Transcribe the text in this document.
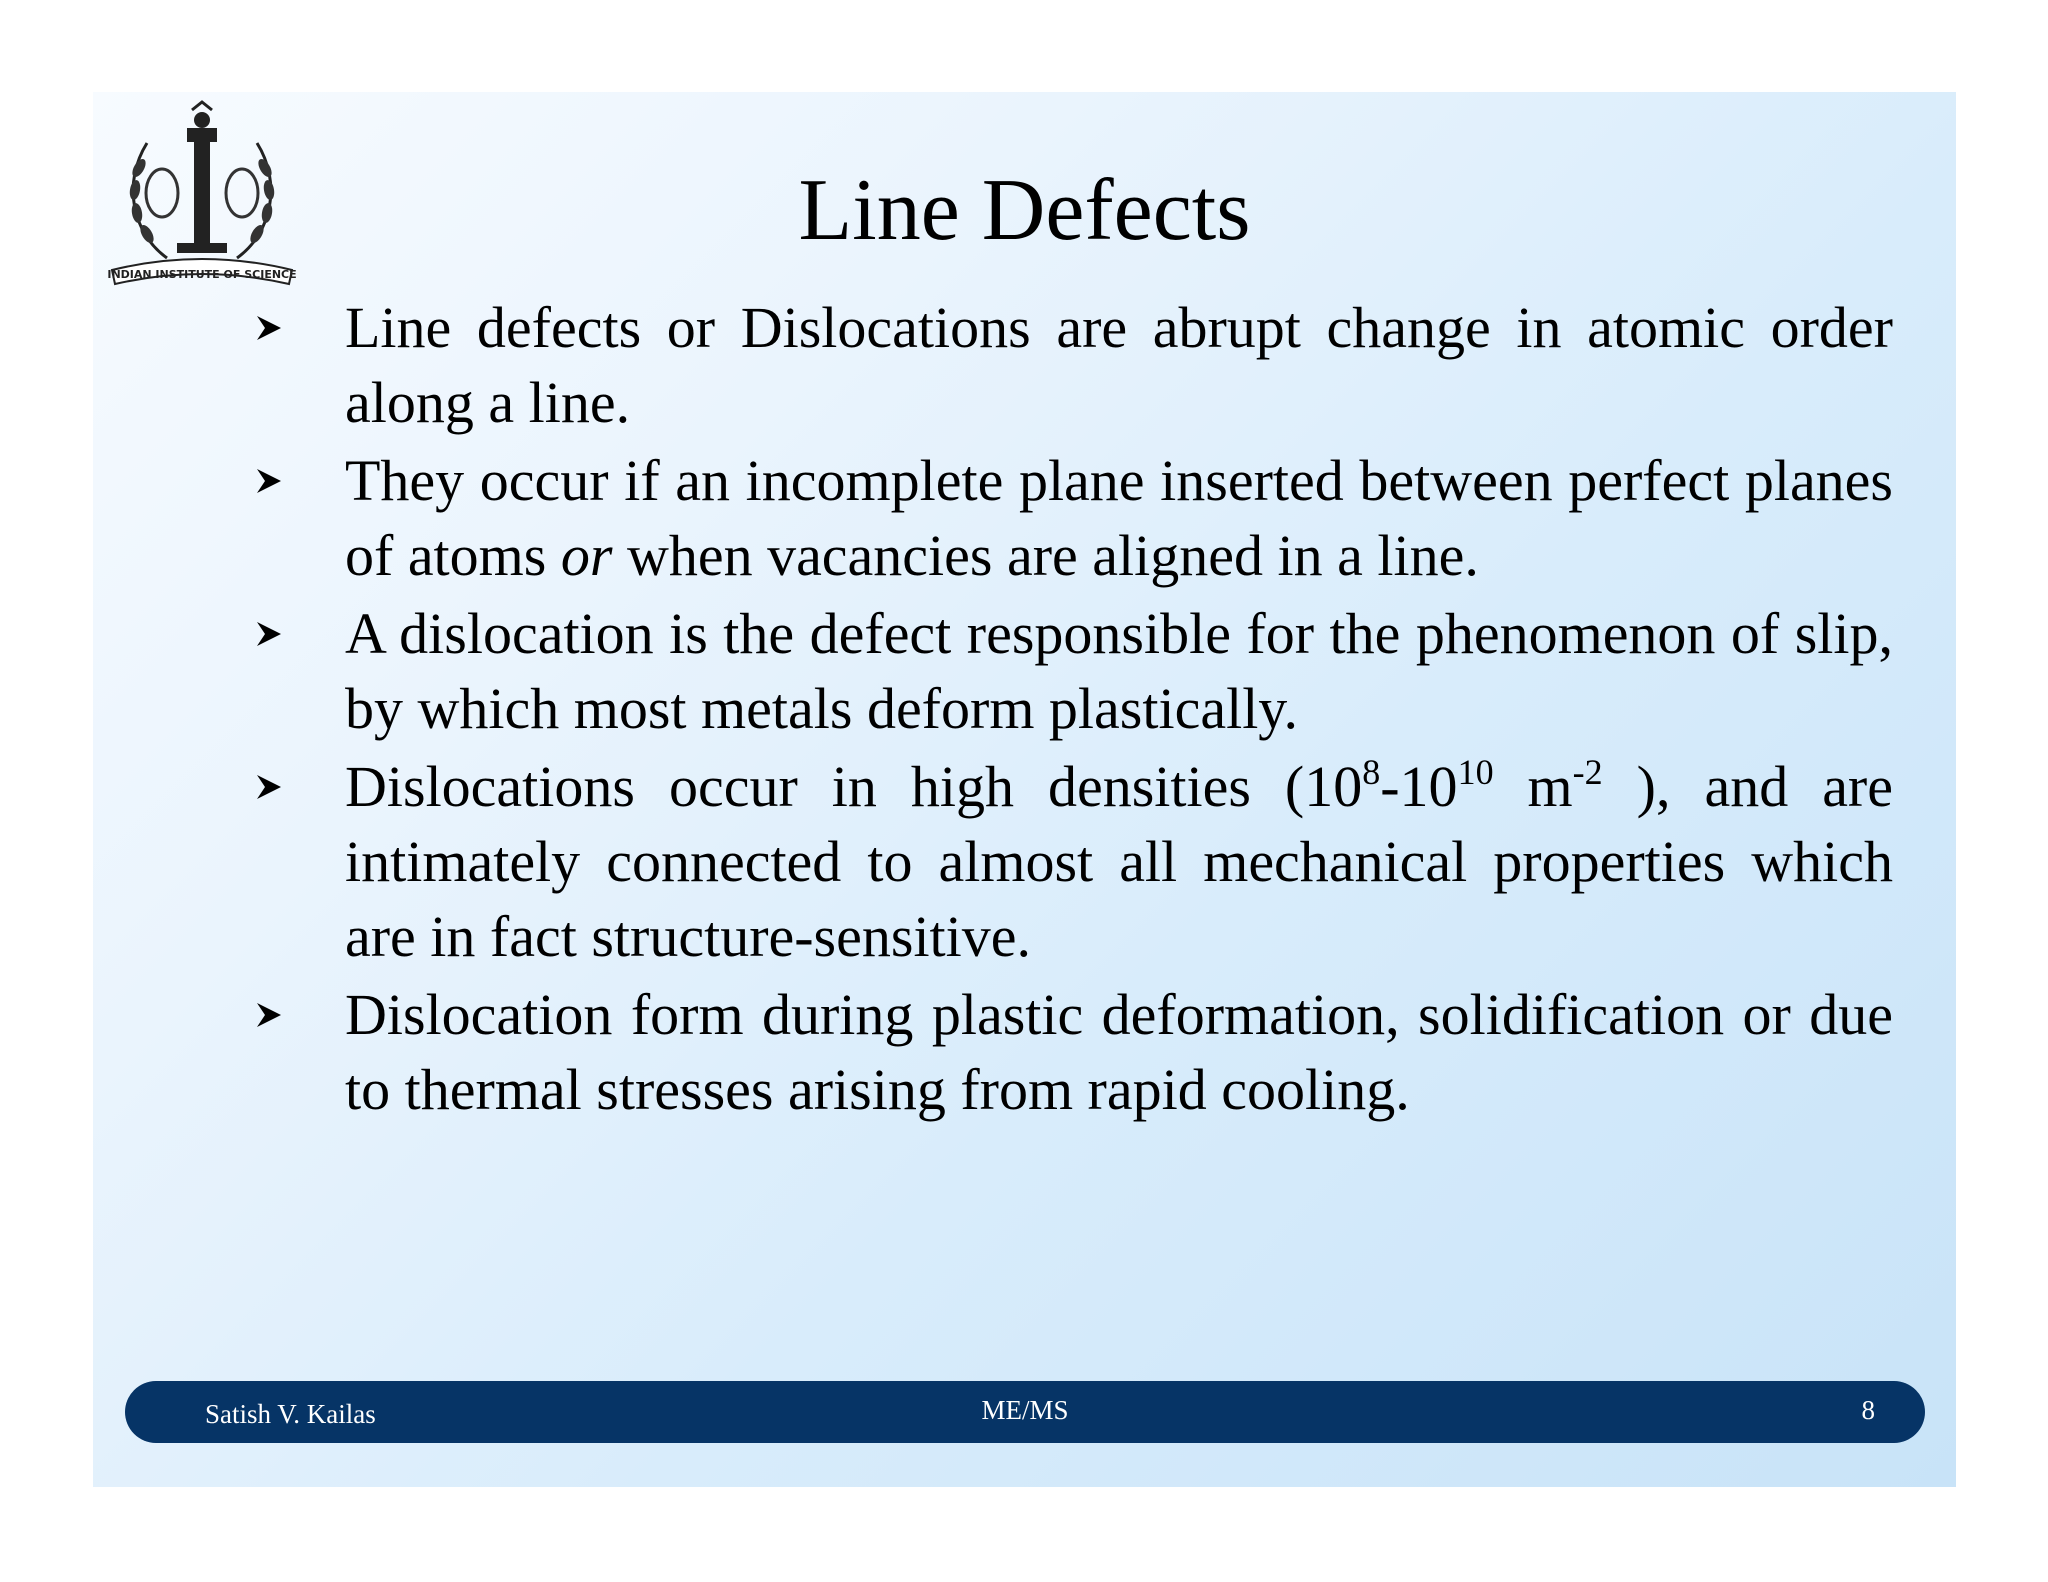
INDIAN INSTITUTE OF SCIENCE
Line Defects
Line defects or Dislocations are abrupt change in atomic order along a line.
They occur if an incomplete plane inserted between perfect planes of atoms or when vacancies are aligned in a line.
A dislocation is the defect responsible for the phenomenon of slip, by which most metals deform plastically.
Dislocations occur in high densities ($10^8-10^{10}$ $m^{-2}$ ), and are intimately connected to almost all mechanical properties which are in fact structure-sensitive.
Dislocation form during plastic deformation, solidification or due to thermal stresses arising from rapid cooling.
Satish V. Kailas	ME/MS	8
